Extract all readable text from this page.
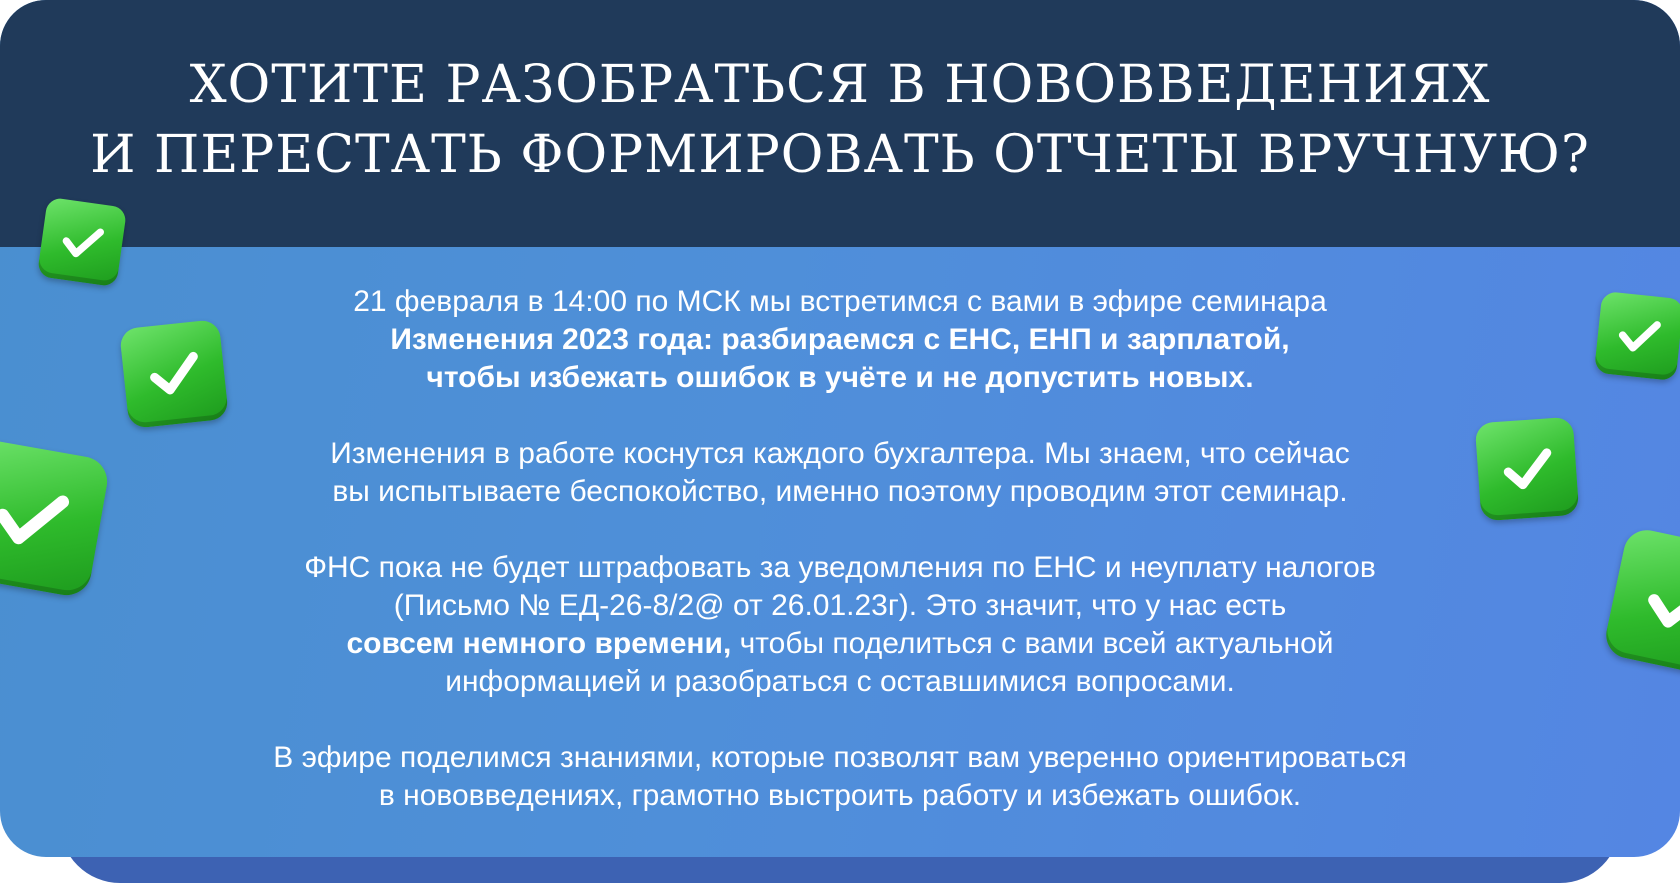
ХОТИТЕ РАЗОБРАТЬСЯ В НОВОВВЕДЕНИЯХ
И ПЕРЕСТАТЬ ФОРМИРОВАТЬ ОТЧЕТЫ ВРУЧНУЮ?

21 февраля в 14:00 по МСК мы встретимся с вами в эфире семинара
Изменения 2023 года: разбираемся с ЕНС, ЕНП и зарплатой,
чтобы избежать ошибок в учёте и не допустить новых.

Изменения в работе коснутся каждого бухгалтера. Мы знаем, что сейчас
вы испытываете беспокойство, именно поэтому проводим этот семинар.

ФНС пока не будет штрафовать за уведомления по ЕНС и неуплату налогов
(Письмо № ЕД-26-8/2@ от 26.01.23г). Это значит, что у нас есть
совсем немного времени, чтобы поделиться с вами всей актуальной
информацией и разобраться с оставшимися вопросами.

В эфире поделимся знаниями, которые позволят вам уверенно ориентироваться
в нововведениях, грамотно выстроить работу и избежать ошибок.
